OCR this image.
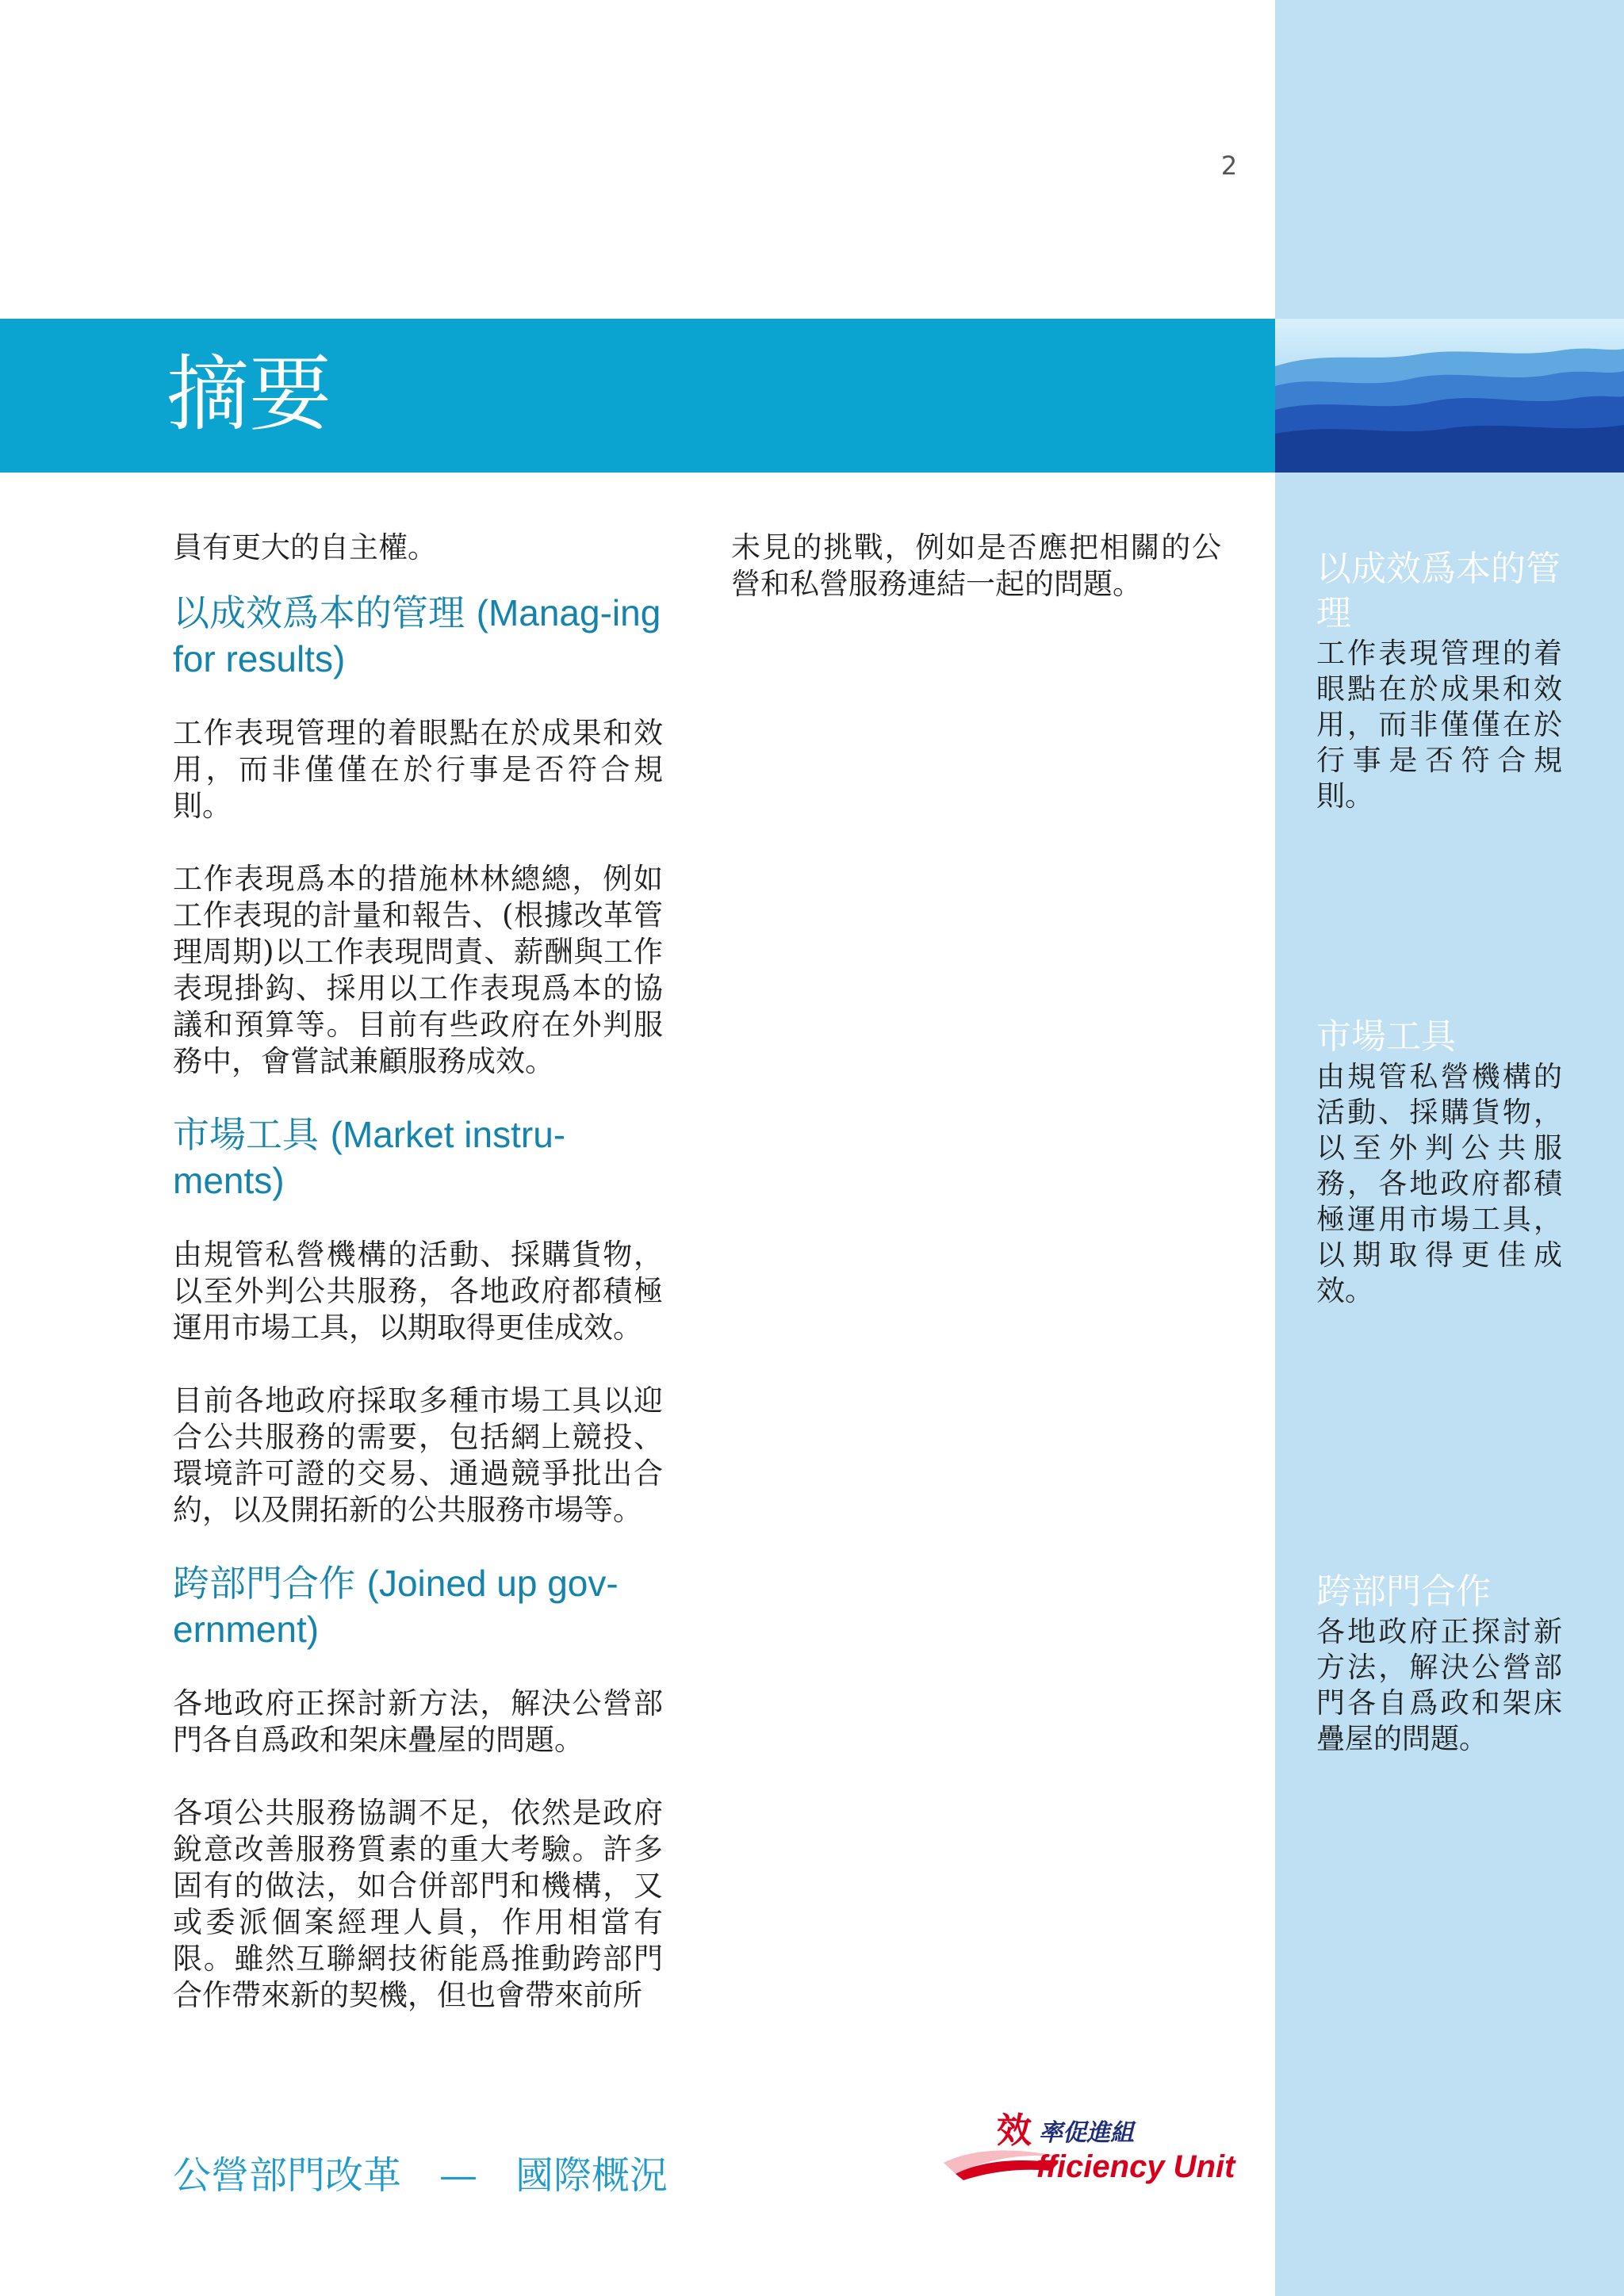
2
摘要

員有更大的自主權。

以成效爲本的管理 (Manag-ing for results)

工作表現管理的着眼點在於成果和效用，而非僅僅在於行事是否符合規則。

工作表現爲本的措施林林總總，例如工作表現的計量和報告、(根據改革管理周期)以工作表現問責、薪酬與工作表現掛鈎、採用以工作表現爲本的協議和預算等。目前有些政府在外判服務中，會嘗試兼顧服務成效。

市場工具 (Market instru-ments)

由規管私營機構的活動、採購貨物，以至外判公共服務，各地政府都積極運用市場工具，以期取得更佳成效。

目前各地政府採取多種市場工具以迎合公共服務的需要，包括網上競投、環境許可證的交易、通過競爭批出合約，以及開拓新的公共服務市場等。

跨部門合作 (Joined up gov-ernment)

各地政府正探討新方法，解決公營部門各自爲政和架床疊屋的問題。

各項公共服務協調不足，依然是政府銳意改善服務質素的重大考驗。許多固有的做法，如合併部門和機構，又或委派個案經理人員，作用相當有限。雖然互聯網技術能爲推動跨部門合作帶來新的契機，但也會帶來前所

未見的挑戰，例如是否應把相關的公營和私營服務連結一起的問題。	以成效爲本的管理

工作表現管理的着眼點在於成果和效用，而非僅僅在於行事是否符合規則。

市場工具

由規管私營機構的活動、採購貨物，以至外判公共服務，各地政府都積極運用市場工具，以期取得更佳成效。

跨部門合作

各地政府正探討新方法，解決公營部門各自爲政和架床疊屋的問題。

公營部門改革　—　國際概況
效 率促進組
fficiency Unit
